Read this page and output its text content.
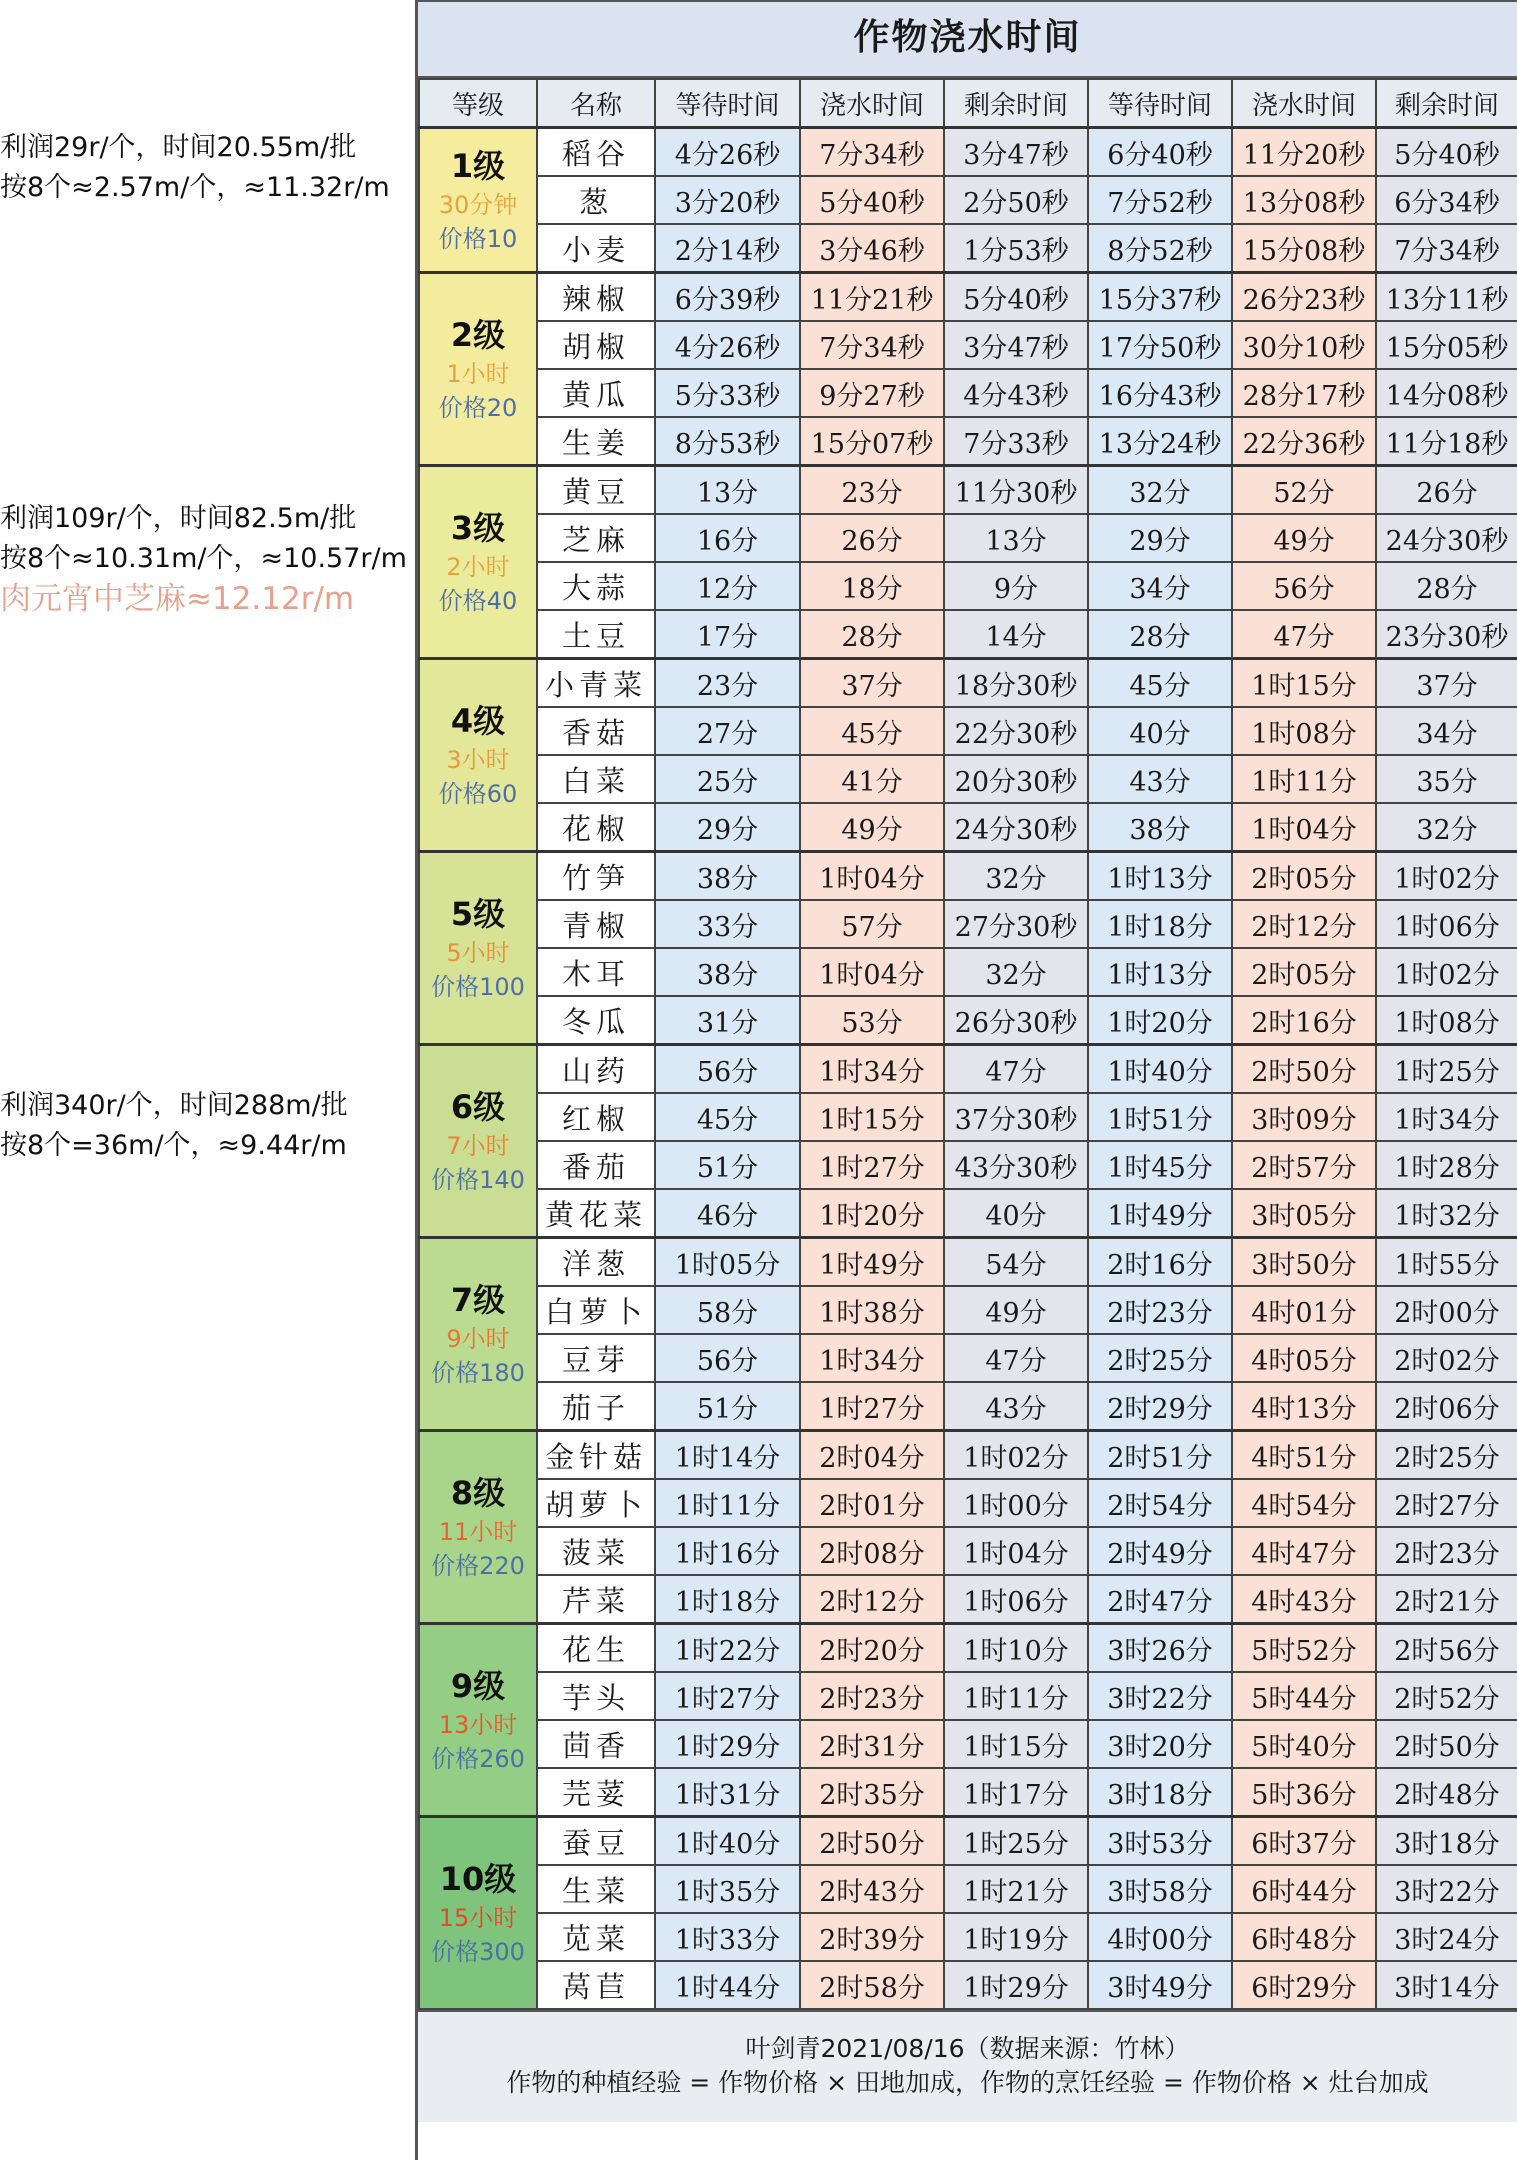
利润29r/个，时间20.55m/批
按8个≈2.57m/个，≈11.32r/m
利润109r/个，时间82.5m/批
按8个≈10.31m/个，≈10.57r/m
肉元宵中芝麻≈12.12r/m
利润340r/个，时间288m/批
按8个=36m/个，≈9.44r/m
作物浇水时间
等级	名称	等待时间	浇水时间	剩余时间	等待时间	浇水时间	剩余时间

1级
30分钟
价格10	稻谷	4分26秒	7分34秒	3分47秒	6分40秒	11分20秒	5分40秒
	葱	3分20秒	5分40秒	2分50秒	7分52秒	13分08秒	6分34秒
	小麦	2分14秒	3分46秒	1分53秒	8分52秒	15分08秒	7分34秒

2级
1小时
价格20	辣椒	6分39秒	11分21秒	5分40秒	15分37秒	26分23秒	13分11秒
	胡椒	4分26秒	7分34秒	3分47秒	17分50秒	30分10秒	15分05秒
	黄瓜	5分33秒	9分27秒	4分43秒	16分43秒	28分17秒	14分08秒
	生姜	8分53秒	15分07秒	7分33秒	13分24秒	22分36秒	11分18秒

3级
2小时
价格40	黄豆	13分	23分	11分30秒	32分	52分	26分
	芝麻	16分	26分	13分	29分	49分	24分30秒
	大蒜	12分	18分	9分	34分	56分	28分
	土豆	17分	28分	14分	28分	47分	23分30秒

4级
3小时
价格60	小青菜	23分	37分	18分30秒	45分	1时15分	37分
	香菇	27分	45分	22分30秒	40分	1时08分	34分
	白菜	25分	41分	20分30秒	43分	1时11分	35分
	花椒	29分	49分	24分30秒	38分	1时04分	32分

5级
5小时
价格100	竹笋	38分	1时04分	32分	1时13分	2时05分	1时02分
	青椒	33分	57分	27分30秒	1时18分	2时12分	1时06分
	木耳	38分	1时04分	32分	1时13分	2时05分	1时02分
	冬瓜	31分	53分	26分30秒	1时20分	2时16分	1时08分

6级
7小时
价格140	山药	56分	1时34分	47分	1时40分	2时50分	1时25分
	红椒	45分	1时15分	37分30秒	1时51分	3时09分	1时34分
	番茄	51分	1时27分	43分30秒	1时45分	2时57分	1时28分
	黄花菜	46分	1时20分	40分	1时49分	3时05分	1时32分

7级
9小时
价格180	洋葱	1时05分	1时49分	54分	2时16分	3时50分	1时55分
	白萝卜	58分	1时38分	49分	2时23分	4时01分	2时00分
	豆芽	56分	1时34分	47分	2时25分	4时05分	2时02分
	茄子	51分	1时27分	43分	2时29分	4时13分	2时06分

8级
11小时
价格220	金针菇	1时14分	2时04分	1时02分	2时51分	4时51分	2时25分
	胡萝卜	1时11分	2时01分	1时00分	2时54分	4时54分	2时27分
	菠菜	1时16分	2时08分	1时04分	2时49分	4时47分	2时23分
	芹菜	1时18分	2时12分	1时06分	2时47分	4时43分	2时21分

9级
13小时
价格260	花生	1时22分	2时20分	1时10分	3时26分	5时52分	2时56分
	芋头	1时27分	2时23分	1时11分	3时22分	5时44分	2时52分
	茴香	1时29分	2时31分	1时15分	3时20分	5时40分	2时50分
	芫荽	1时31分	2时35分	1时17分	3时18分	5时36分	2时48分

10级
15小时
价格300	蚕豆	1时40分	2时50分	1时25分	3时53分	6时37分	3时18分
	生菜	1时35分	2时43分	1时21分	3时58分	6时44分	3时22分
	苋菜	1时33分	2时39分	1时19分	4时00分	6时48分	3时24分
	莴苣	1时44分	2时58分	1时29分	3时49分	6时29分	3时14分
叶剑青2021/08/16（数据来源：竹林）
作物的种植经验 = 作物价格 × 田地加成，作物的烹饪经验 = 作物价格 × 灶台加成
